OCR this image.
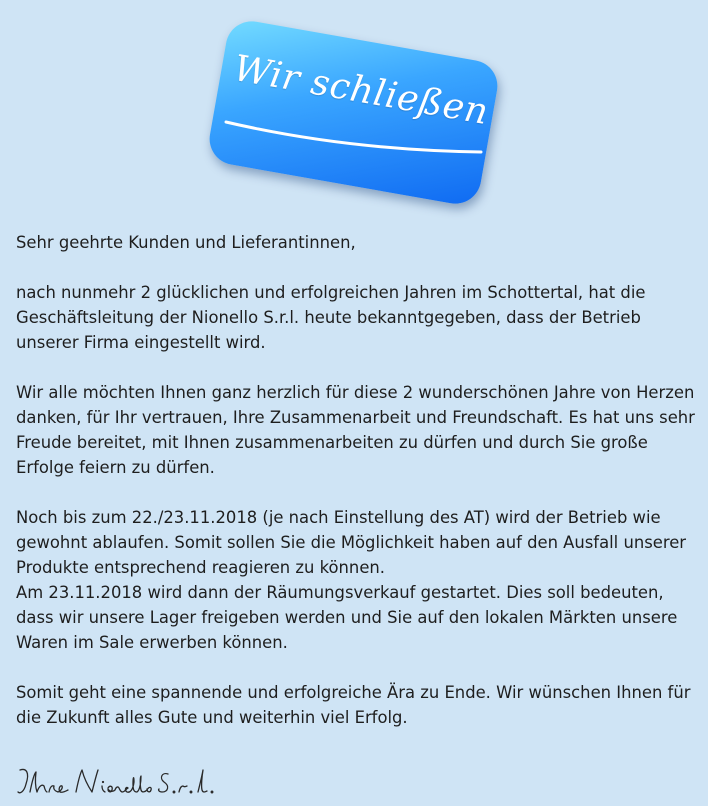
Wir schließen

Sehr geehrte Kunden und Lieferantinnen,

nach nunmehr 2 glücklichen und erfolgreichen Jahren im Schottertal, hat die Geschäftsleitung der Nionello S.r.l. heute bekanntgegeben, dass der Betrieb unserer Firma eingestellt wird.

Wir alle möchten Ihnen ganz herzlich für diese 2 wunderschönen Jahre von Herzen danken, für Ihr vertrauen, Ihre Zusammenarbeit und Freundschaft. Es hat uns sehr Freude bereitet, mit Ihnen zusammenarbeiten zu dürfen und durch Sie große Erfolge feiern zu dürfen.

Noch bis zum 22./23.11.2018 (je nach Einstellung des AT) wird der Betrieb wie gewohnt ablaufen. Somit sollen Sie die Möglichkeit haben auf den Ausfall unserer Produkte entsprechend reagieren zu können.

Am 23.11.2018 wird dann der Räumungsverkauf gestartet. Dies soll bedeuten, dass wir unsere Lager freigeben werden und Sie auf den lokalen Märkten unsere Waren im Sale erwerben können.

Somit geht eine spannende und erfolgreiche Ära zu Ende. Wir wünschen Ihnen für die Zukunft alles Gute und weiterhin viel Erfolg.
